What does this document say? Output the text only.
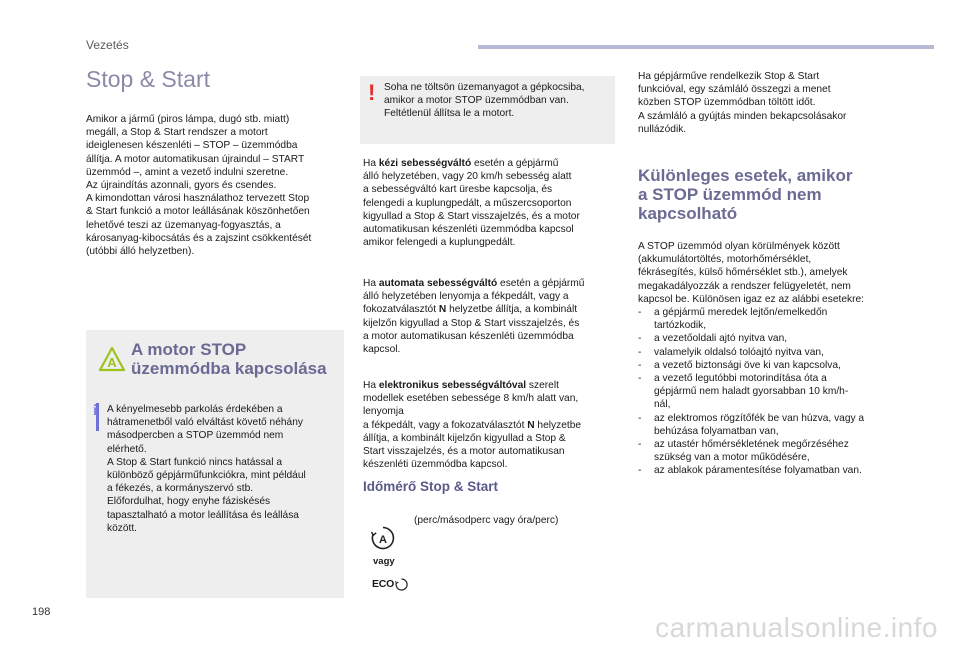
Vezetés
Stop & Start
Amikor a jármű (piros lámpa, dugó stb. miatt)
megáll, a Stop & Start rendszer a motort
ideiglenesen készenléti – STOP – üzemmódba
állítja. A motor automatikusan újraindul – START
üzemmód –, amint a vezető indulni szeretne.
Az újraindítás azonnali, gyors és csendes.
A kimondottan városi használathoz tervezett Stop
& Start funkció a motor leállásának köszönhetően
lehetővé teszi az üzemanyag-fogyasztás, a
károsanyag-kibocsátás és a zajszint csökkentését
(utóbbi álló helyzetben).
A
A motor STOP
üzemmódba kapcsolása
i A kényelmesebb parkolás érdekében a
hátramenetből való elváltást követő néhány
másodpercben a STOP üzemmód nem
elérhető.
A Stop & Start funkció nincs hatással a
különböző gépjárműfunkciókra, mint például
a fékezés, a kormányszervó stb.
Előfordulhat, hogy enyhe fáziskésés
tapasztalható a motor leállítása és leállása
között.
! Soha ne töltsön üzemanyagot a gépkocsiba,
amikor a motor STOP üzemmódban van.
Feltétlenül állítsa le a motort.
Ha kézi sebességváltó esetén a gépjármű
álló helyzetében, vagy 20 km/h sebesség alatt
a sebességváltó kart üresbe kapcsolja, és
felengedi a kuplungpedált, a műszercsoporton
kigyullad a Stop & Start visszajelzés, és a motor
automatikusan készenléti üzemmódba kapcsol
amikor felengedi a kuplungpedált.
Ha automata sebességváltó esetén a gépjármű
álló helyzetében lenyomja a fékpedált, vagy a
fokozatválasztót N helyzetbe állítja, a kombinált
kijelzőn kigyullad a Stop & Start visszajelzés, és
a motor automatikusan készenléti üzemmódba
kapcsol.
Ha elektronikus sebességváltóval szerelt
modellek esetében sebessége 8 km/h alatt van, lenyomja
a fékpedált, vagy a fokozatválasztót N helyzetbe
állítja, a kombinált kijelzőn kigyullad a Stop &
Start visszajelzés, és a motor automatikusan
készenléti üzemmódba kapcsol.
Időmérő Stop & Start
A
vagy
ECO
(perc/másodperc vagy óra/perc)
Ha gépjárműve rendelkezik Stop & Start
funkcióval, egy számláló összegzi a menet
közben STOP üzemmódban töltött időt.
A számláló a gyújtás minden bekapcsolásakor
nullázódik.
Különleges esetek, amikor
a STOP üzemmód nem
kapcsolható
A STOP üzemmód olyan körülmények között
(akkumulátortöltés, motorhőmérséklet,
fékrásegítés, külső hőmérséklet stb.), amelyek
megakadályozzák a rendszer felügyeletét, nem
kapcsol be. Különösen igaz ez az alábbi esetekre:
- a gépjármű meredek lejtőn/emelkedőn
tartózkodik,
- a vezetőoldali ajtó nyitva van,
- valamelyik oldalsó tolóajtó nyitva van,
- a vezető biztonsági öve ki van kapcsolva,
- a vezető legutóbbi motorindítása óta a
gépjármű nem haladt gyorsabban 10 km/h-
nál,
- az elektromos rögzítőfék be van húzva, vagy a
behúzása folyamatban van,
- az utastér hőmérsékletének megőrzéséhez
szükség van a motor működésére,
- az ablakok páramentesítése folyamatban van.
198	carmanualsonline.info
